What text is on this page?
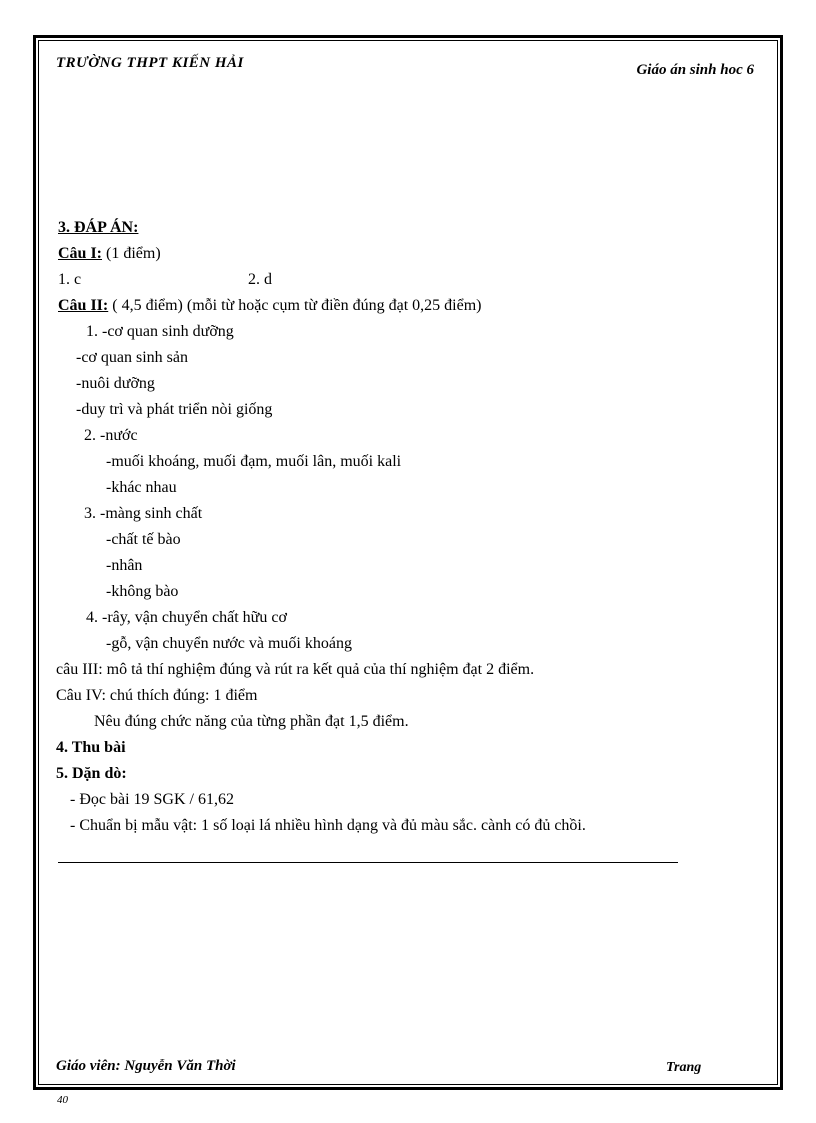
TRƯỜNG THPT KIẾN HẢI	Giáo án sinh hoc 6
3. ĐÁP ÁN:
Câu I: (1 điểm)
1. c	2. d
Câu II: ( 4,5 điểm) (mỗi từ hoặc cụm từ điền đúng đạt 0,25 điểm)
1. -cơ quan sinh dưỡng
-cơ quan sinh sản
-nuôi dưỡng
-duy trì và phát triển nòi giống
2. -nước
-muối khoáng, muối đạm, muối lân, muối kali
-khác nhau
3. -màng sinh chất
-chất tế bào
-nhân
-không bào
4. -rây, vận chuyển chất hữu cơ
-gỗ, vận chuyển nước và muối khoáng
câu III: mô tả thí nghiệm đúng và rút ra kết quả của thí nghiệm đạt 2 điểm.
Câu IV: chú thích đúng: 1 điểm
Nêu đúng chức năng của từng phần đạt 1,5 điểm.
4. Thu bài
5. Dặn dò:
- Đọc bài 19 SGK / 61,62
- Chuẩn bị mẫu vật: 1 số loại lá nhiều hình dạng và đủ màu sắc. cành có đủ chồi.
Giáo viên: Nguyễn Văn Thời	Trang
40
